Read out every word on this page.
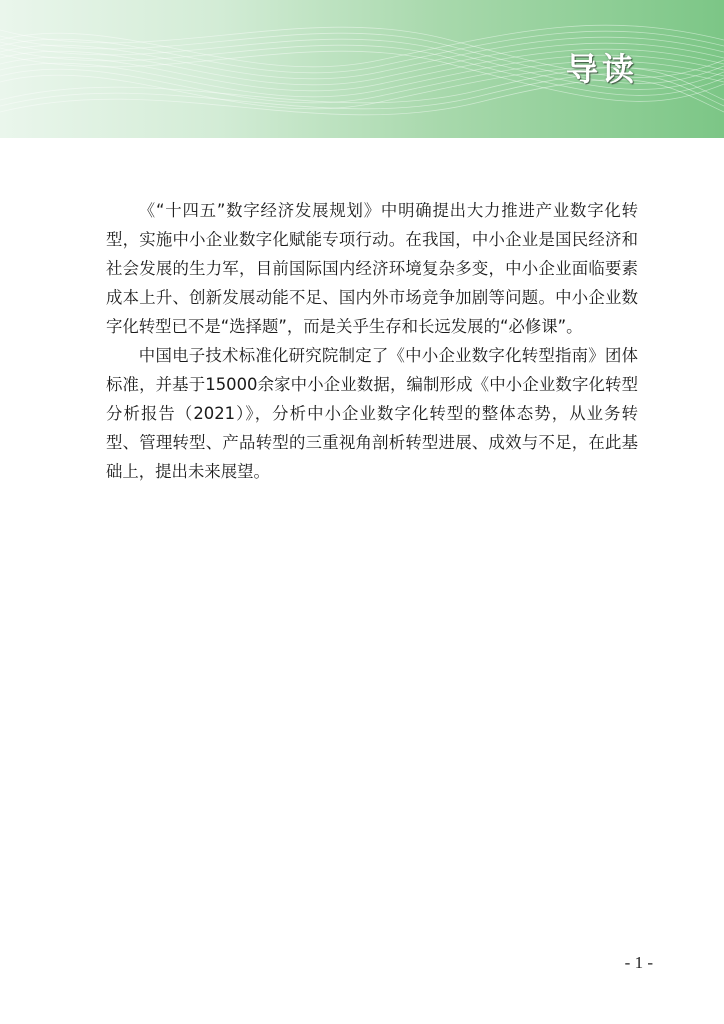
导读

《“十四五”数字经济发展规划》中明确提出大力推进产业数字化转型，实施中小企业数字化赋能专项行动。在我国，中小企业是国民经济和社会发展的生力军，目前国际国内经济环境复杂多变，中小企业面临要素成本上升、创新发展动能不足、国内外市场竞争加剧等问题。中小企业数字化转型已不是“选择题”，而是关乎生存和长远发展的“必修课”。

中国电子技术标准化研究院制定了《中小企业数字化转型指南》团体标准，并基于15000余家中小企业数据，编制形成《中小企业数字化转型分析报告（2021）》，分析中小企业数字化转型的整体态势，从业务转型、管理转型、产品转型的三重视角剖析转型进展、成效与不足，在此基础上，提出未来展望。

- 1 -
